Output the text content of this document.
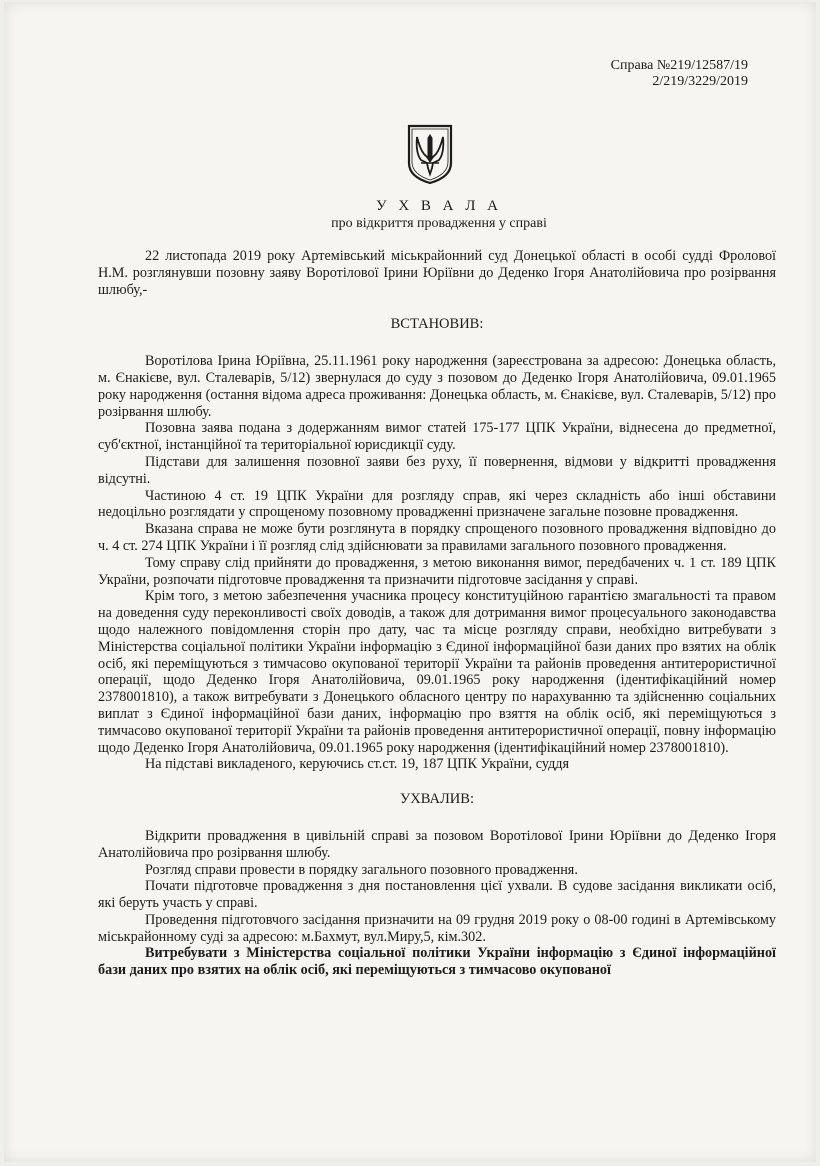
Справа №219/12587/19
2/219/3229/2019
У Х В А Л А
про відкриття провадження у справі

22 листопада 2019 року Артемівський міськрайонний суд Донецької області в особі судді Фролової Н.М. розглянувши позовну заяву Воротілової Ірини Юріївни до Деденко Ігоря Анатолійовича про розірвання шлюбу,-

ВСТАНОВИВ:

Воротілова Ірина Юріївна, 25.11.1961 року народження (зареєстрована за адресою: Донецька область, м. Єнакієве, вул. Сталеварів, 5/12) звернулася до суду з позовом до Деденко Ігоря Анатолійовича, 09.01.1965 року народження (остання відома адреса проживання: Донецька область, м. Єнакієве, вул. Сталеварів, 5/12) про розірвання шлюбу.

Позовна заява подана з додержанням вимог статей 175-177 ЦПК України, віднесена до предметної, суб'єктної, інстанційної та територіальної юрисдикції суду.

Підстави для залишення позовної заяви без руху, її повернення, відмови у відкритті провадження відсутні.

Частиною 4 ст. 19 ЦПК України для розгляду справ, які через складність або інші обставини недоцільно розглядати у спрощеному позовному провадженні призначене загальне позовне провадження.

Вказана справа не може бути розглянута в порядку спрощеного позовного провадження відповідно до ч. 4 ст. 274 ЦПК України і її розгляд слід здійснювати за правилами загального позовного провадження.

Тому справу слід прийняти до провадження, з метою виконання вимог, передбачених ч. 1 ст. 189 ЦПК України, розпочати підготовче провадження та призначити підготовче засідання у справі.

Крім того, з метою забезпечення учасника процесу конституційною гарантією змагальності та правом на доведення суду переконливості своїх доводів, а також для дотримання вимог процесуального законодавства щодо належного повідомлення сторін про дату, час та місце розгляду справи, необхідно витребувати з Міністерства соціальної політики України інформацію з Єдиної інформаційної бази даних про взятих на облік осіб, які переміщуються з тимчасово окупованої території України та районів проведення антитерористичної операції, щодо Деденко Ігоря Анатолійовича, 09.01.1965 року народження (ідентифікаційний номер 2378001810), а також витребувати з Донецького обласного центру по нарахуванню та здійсненню соціальних виплат з Єдиної інформаційної бази даних, інформацію про взяття на облік осіб, які переміщуються з тимчасово окупованої території України та районів проведення антитерористичної операції, повну інформацію щодо Деденко Ігоря Анатолійовича, 09.01.1965 року народження (ідентифікаційний номер 2378001810).

На підставі викладеного, керуючись ст.ст. 19, 187 ЦПК України, суддя

УХВАЛИВ:

Відкрити провадження в цивільній справі за позовом Воротілової Ірини Юріївни до Деденко Ігоря Анатолійовича про розірвання шлюбу.

Розгляд справи провести в порядку загального позовного провадження.

Почати підготовче провадження з дня постановлення цієї ухвали. В судове засідання викликати осіб, які беруть участь у справі.

Проведення підготовчого засідання призначити на 09 грудня 2019 року о 08-00 годині в Артемівському міськрайонному суді за адресою: м.Бахмут, вул.Миру,5, кім.302.

Витребувати з Міністерства соціальної політики України інформацію з Єдиної інформаційної бази даних про взятих на облік осіб, які переміщуються з тимчасово окупованої
